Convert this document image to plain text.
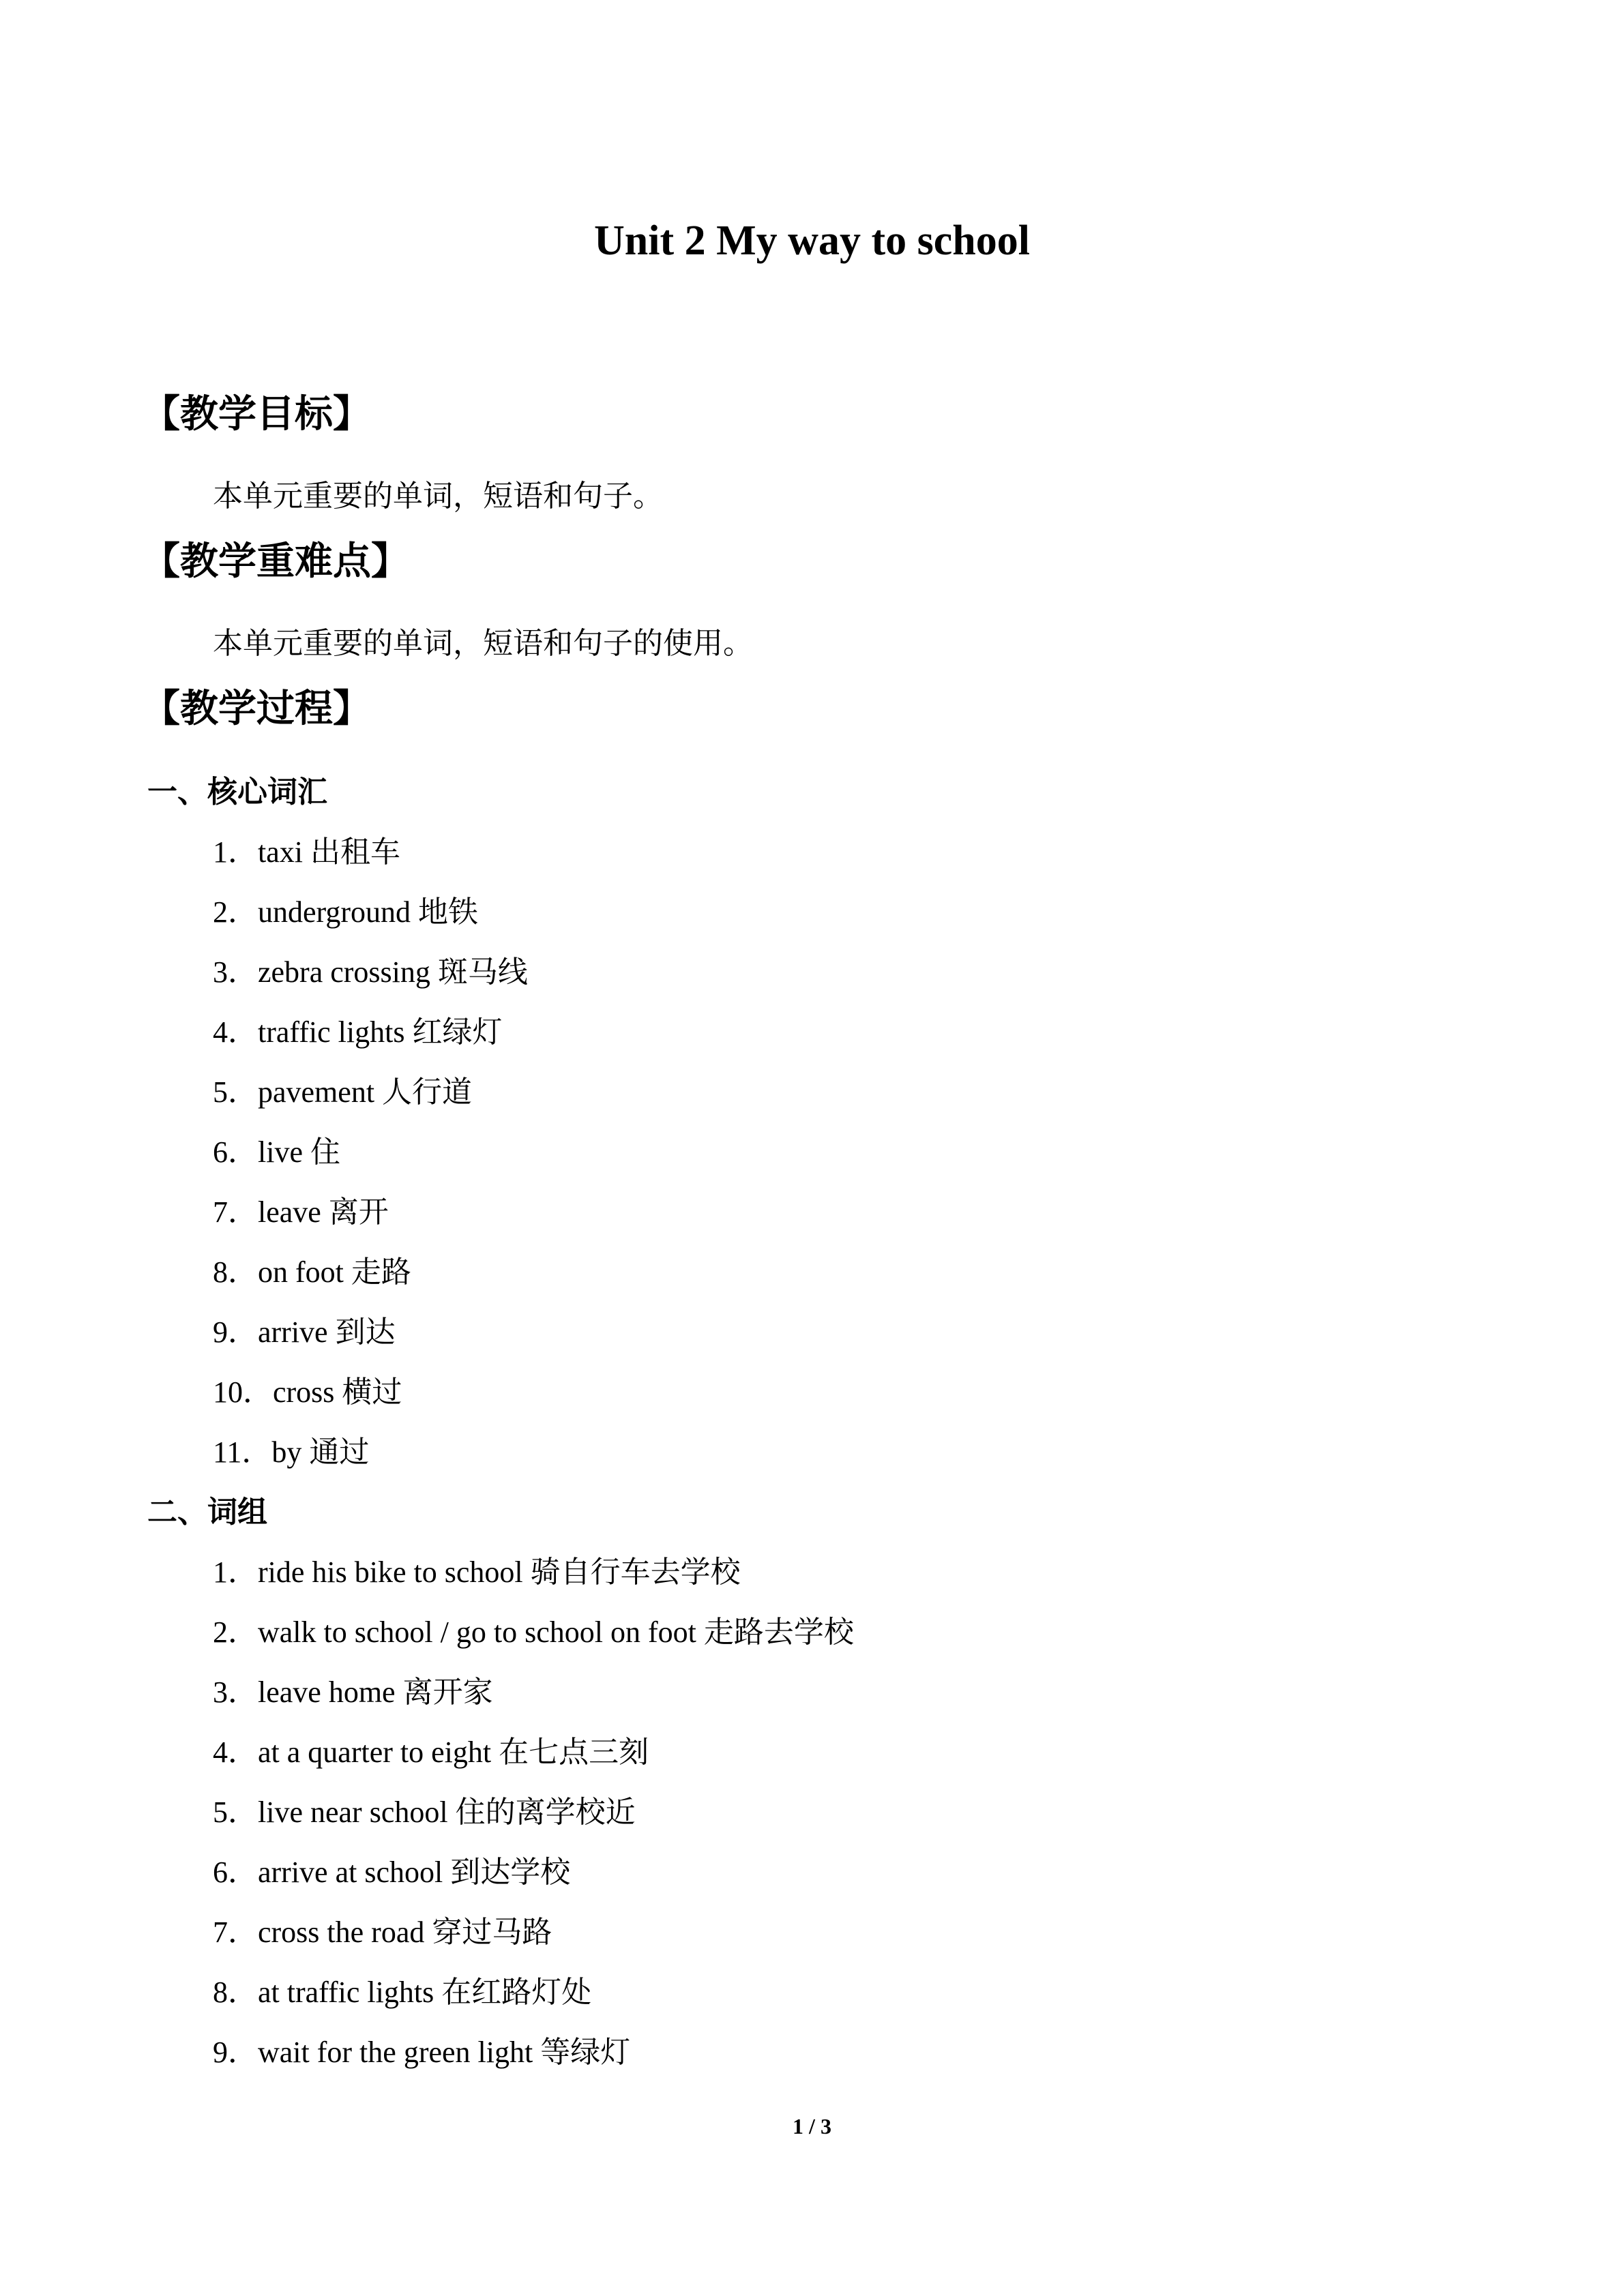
Unit 2 My way to school
【教学目标】
本单元重要的单词，短语和句子。
【教学重难点】
本单元重要的单词，短语和句子的使用。
【教学过程】
一、核心词汇
1．taxi 出租车
2．underground 地铁
3．zebra crossing 斑马线
4．traffic lights 红绿灯
5．pavement 人行道
6．live 住
7．leave 离开
8．on foot 走路
9．arrive 到达
10．cross 横过
11．by 通过
二、词组
1．ride his bike to school 骑自行车去学校
2．walk to school / go to school on foot 走路去学校
3．leave home 离开家
4．at a quarter to eight 在七点三刻
5．live near school 住的离学校近
6．arrive at school 到达学校
7．cross the road 穿过马路
8．at traffic lights 在红路灯处
9．wait for the green light 等绿灯
1 / 3
